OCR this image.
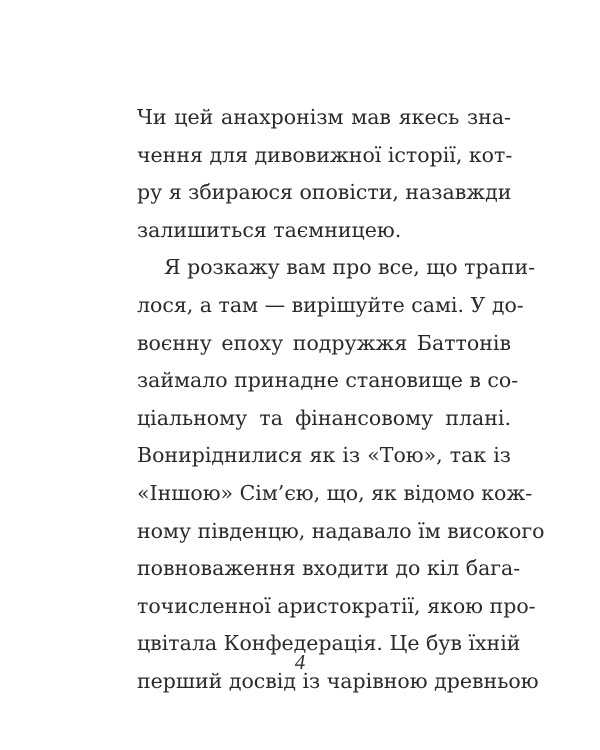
Чи цей анахронізм мав якесь зна-
чення для дивовижної історії, кот-
ру я збираюся оповісти, назавжди
залишиться таємницею.
Я розкажу вам про все, що трапи-
лося, а там — вирішуйте самі. У до-
воєнну епоху подружжя Баттонів
займало принадне становище в со-
ціальному та фінансовому плані.
Вониріднилися як із «Тою», так із
«Іншою» Сім’єю, що, як відомо кож-
ному південцю, надавало їм високого
повноваження входити до кіл бага-
точисленної аристократії, якою про-
цвітала Конфедерація. Це був їхній
перший досвід із чарівною древньою
4
